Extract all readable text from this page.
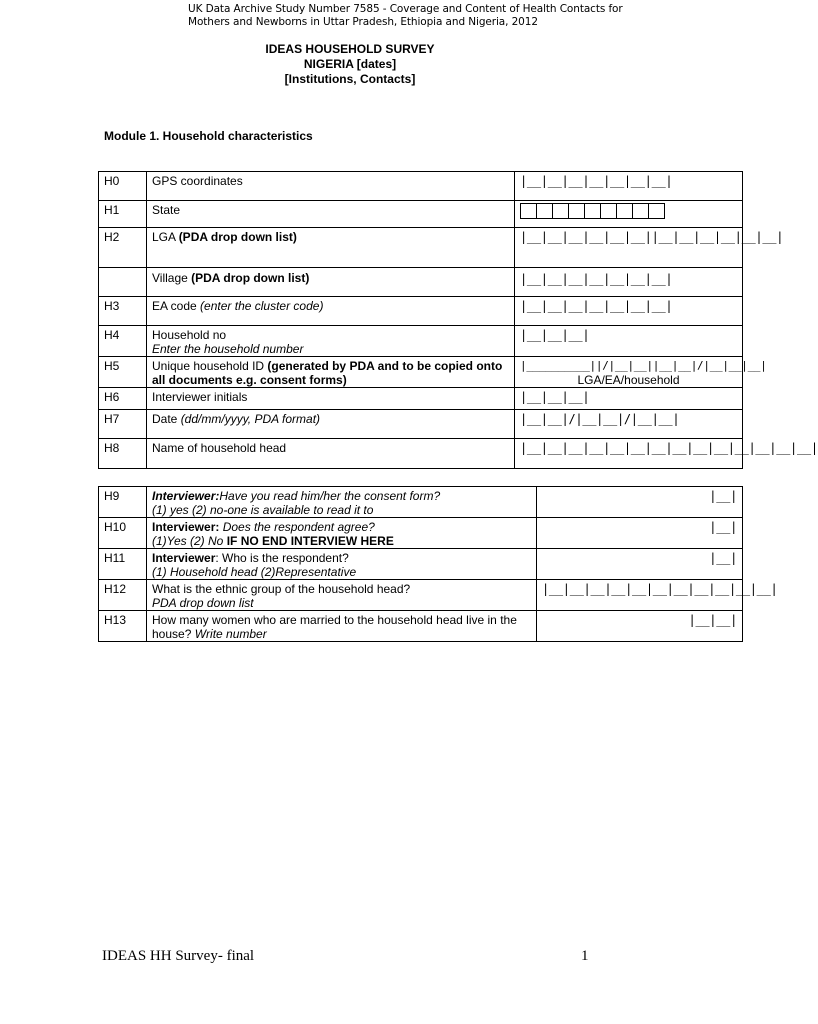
UK Data Archive Study Number 7585 - Coverage and Content of Health Contacts for
Mothers and Newborns in Uttar Pradesh, Ethiopia and Nigeria, 2012
IDEAS HOUSEHOLD SURVEY
NIGERIA [dates]
[Institutions, Contacts]
Module 1. Household characteristics
H0	GPS coordinates	|__|__|__|__|__|__|__|
H1	State	

H2	LGA (PDA drop down list)	|__|__|__|__|__|__||__|__|__|__|__|__|
	Village (PDA drop down list)	|__|__|__|__|__|__|__|
H3	EA code (enter the cluster code)	|__|__|__|__|__|__|__|
H4	Household no
Enter the household number	|__|__|__|
H5	Unique household ID (generated by PDA and to be copied onto all documents e.g. consent forms)	|__________||/|__|__||__|__|/|__|__|__|
LGA/EA/household

H6	Interviewer initials	|__|__|__|
H7	Date (dd/mm/yyyy, PDA format)	|__|__|/|__|__|/|__|__|
H8	Name of household head	|__|__|__|__|__|__|__|__|__|__|__|__|__|__|
H9	Interviewer:Have you read him/her the consent form?
(1) yes (2) no-one is available to read it to	|__|
H10	Interviewer: Does the respondent agree?
(1)Yes (2) No IF NO END INTERVIEW HERE	|__|
H11	Interviewer: Who is the respondent?
(1) Household head (2)Representative	|__|
H12	What is the ethnic group of the household head?
PDA drop down list	|__|__|__|__|__|__|__|__|__|__|__|
H13	How many women who are married to the household head live in the house? Write number	|__|__|
IDEAS HH Survey- final	1
